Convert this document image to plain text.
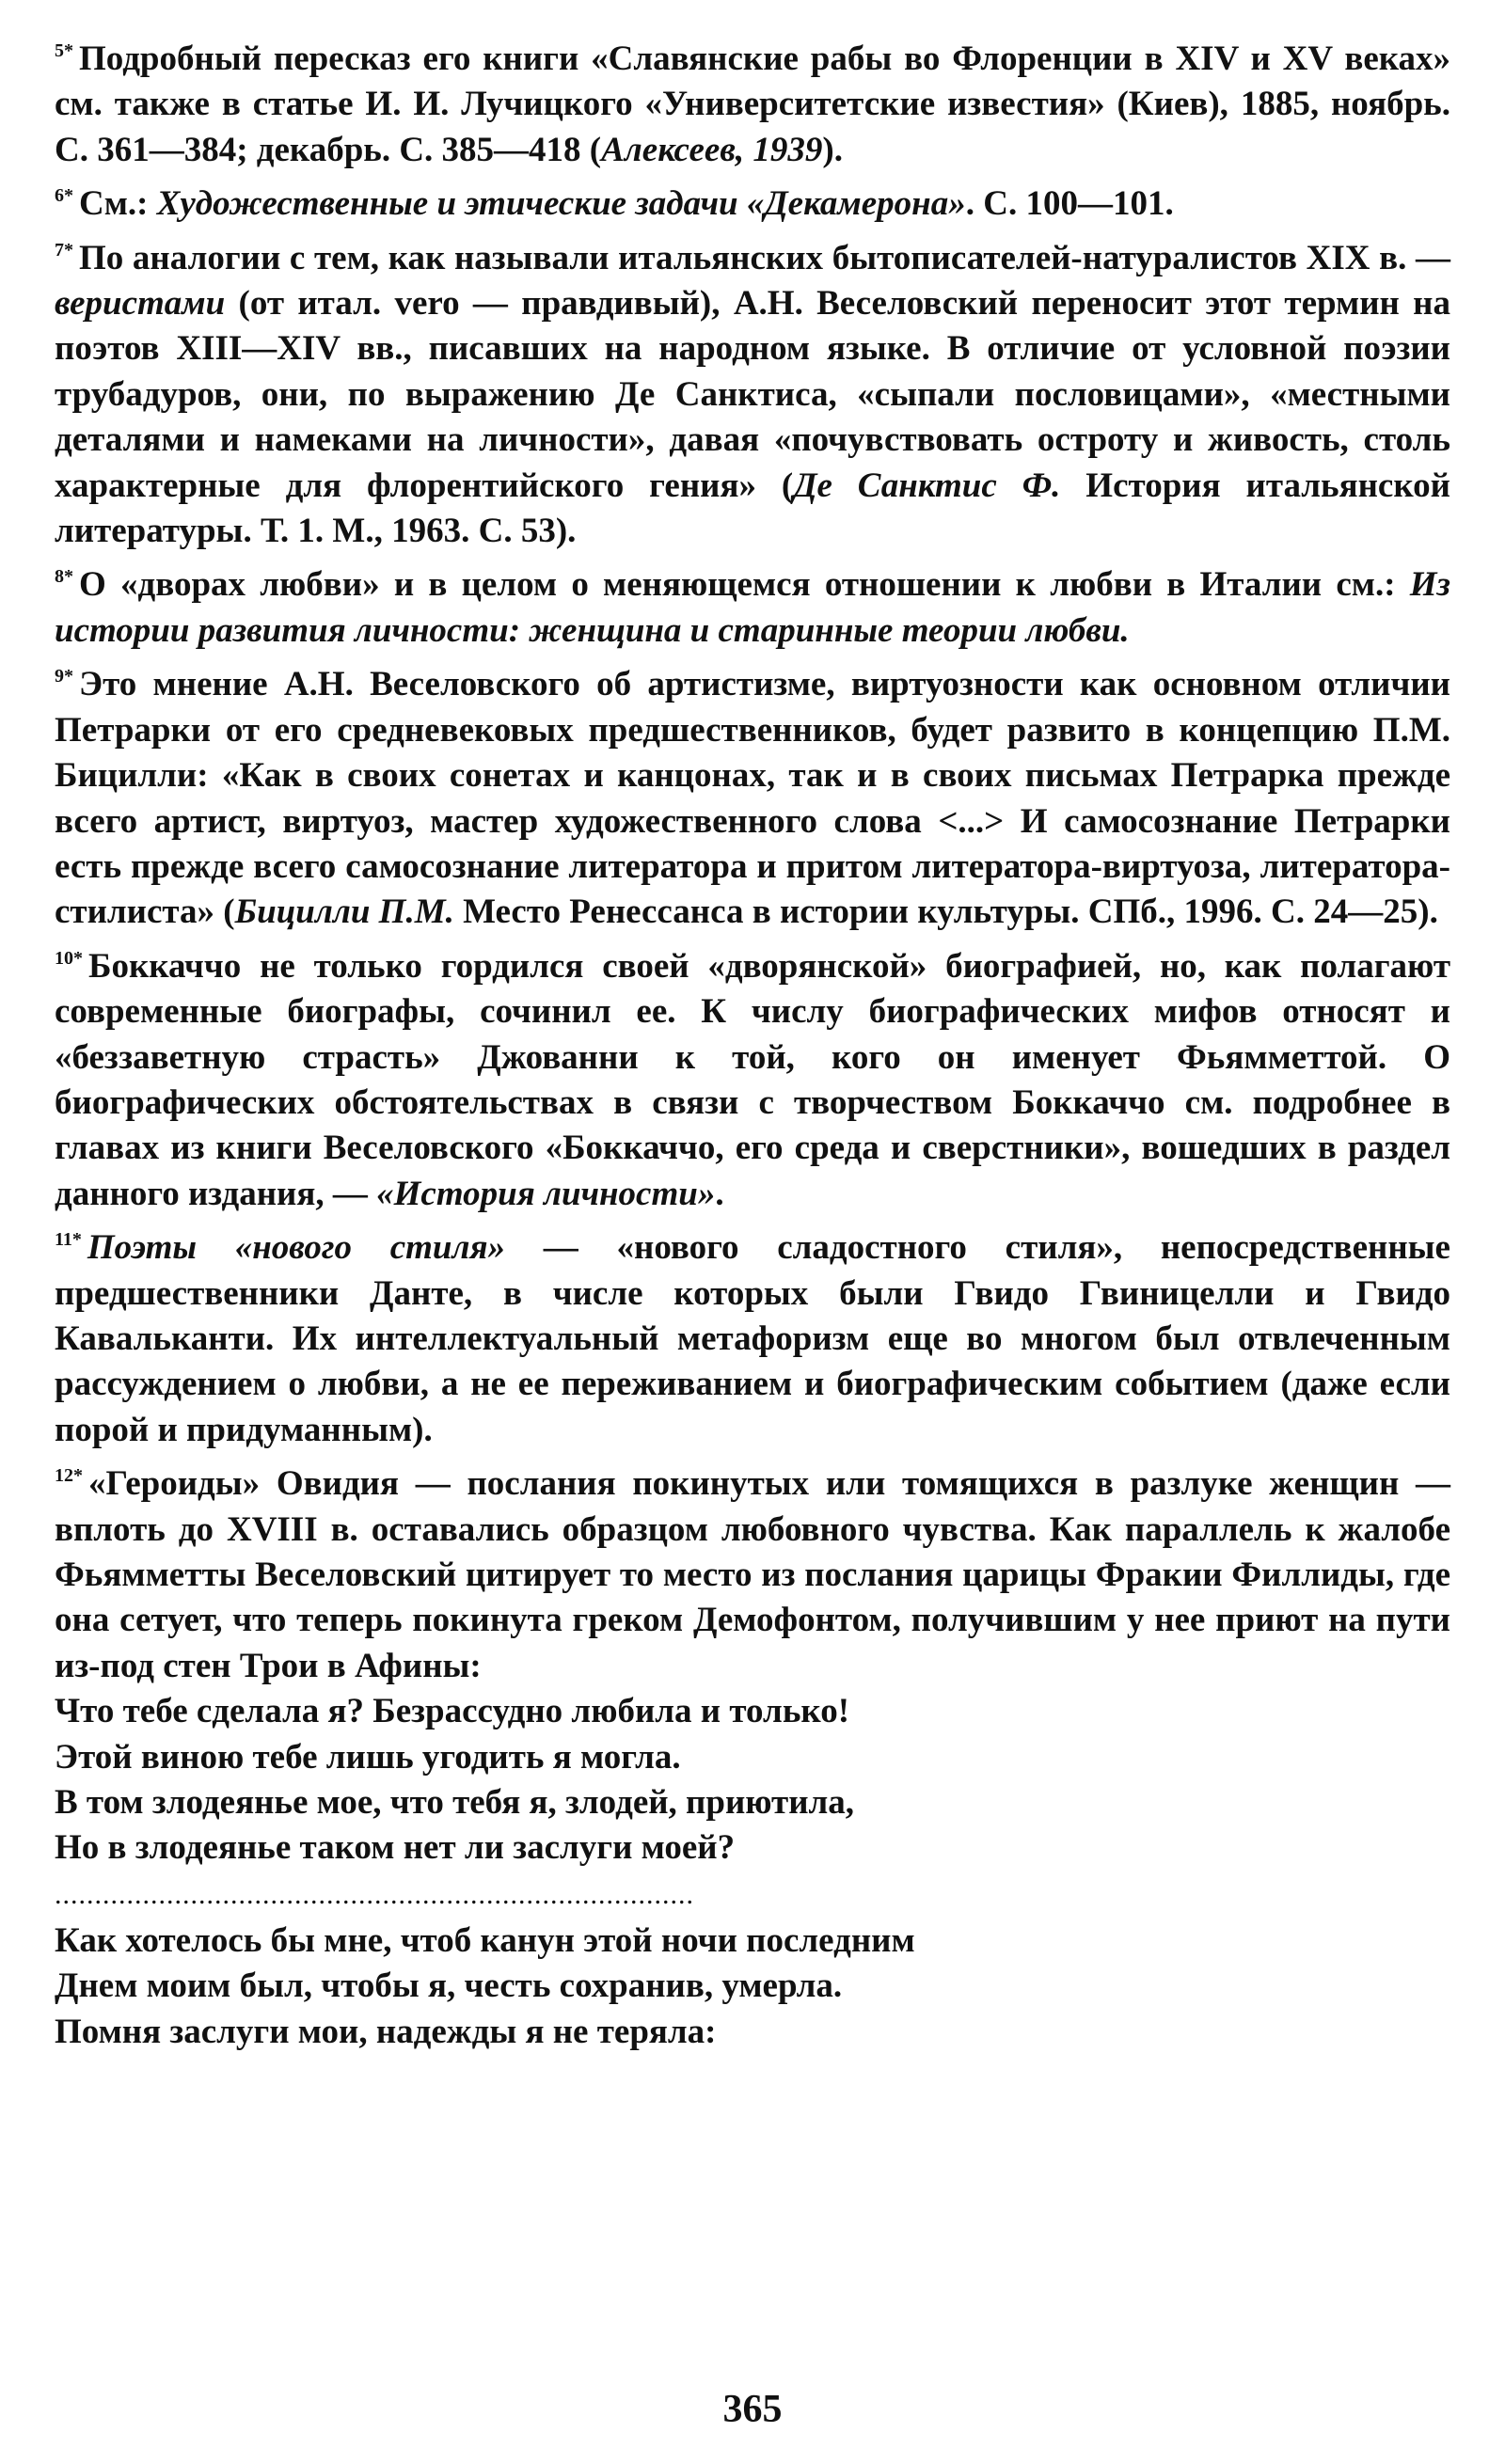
$^{5*}$ Подробный пересказ его книги «Славянские рабы во Флоренции в XIV и XV веках» см. также в статье И. И. Лучицкого «Университетские известия» (Киев), 1885, ноябрь. С. 361—384; декабрь. С. 385—418 (Алексеев, 1939).

$^{6*}$ См.: Художественные и этические задачи «Декамерона». С. 100—101.

$^{7*}$ По аналогии с тем, как называли итальянских бытописателей-натуралистов XIX в. — веристами (от итал. vero — правдивый), А.Н. Веселовский переносит этот термин на поэтов XIII—XIV вв., писавших на народном языке. В отличие от условной поэзии трубадуров, они, по выражению Де Санктиса, «сыпали пословицами», «местными деталями и намеками на личности», давая «почувствовать остроту и живость, столь характерные для флорентийского гения» (Де Санктис Ф. История итальянской литературы. Т. 1. М., 1963. С. 53).

$^{8*}$ О «дворах любви» и в целом о меняющемся отношении к любви в Италии см.: Из истории развития личности: женщина и старинные теории любви.

$^{9*}$ Это мнение А.Н. Веселовского об артистизме, виртуозности как основном отличии Петрарки от его средневековых предшественников, будет развито в концепцию П.М. Бицилли: «Как в своих сонетах и канцонах, так и в своих письмах Петрарка прежде всего артист, виртуоз, мастер художественного слова <...> И самосознание Петрарки есть прежде всего самосознание литератора и притом литератора-виртуоза, литератора-стилиста» (Бицилли П.М. Место Ренессанса в истории культуры. СПб., 1996. С. 24—25).

$^{10*}$ Боккаччо не только гордился своей «дворянской» биографией, но, как полагают современные биографы, сочинил ее. К числу биографических мифов относят и «беззаветную страсть» Джованни к той, кого он именует Фьямметтой. О биографических обстоятельствах в связи с творчеством Боккаччо см. подробнее в главах из книги Веселовского «Боккаччо, его среда и сверстники», вошедших в раздел данного издания, — «История личности».

$^{11*}$ Поэты «нового стиля» — «нового сладостного стиля», непосредственные предшественники Данте, в числе которых были Гвидо Гвиницелли и Гвидо Кавальканти. Их интеллектуальный метафоризм еще во многом был отвлеченным рассуждением о любви, а не ее переживанием и биографическим событием (даже если порой и придуманным).

$^{12*}$ «Героиды» Овидия — послания покинутых или томящихся в разлуке женщин — вплоть до XVIII в. оставались образцом любовного чувства. Как параллель к жалобе Фьямметты Веселовский цитирует то место из послания царицы Фракии Филлиды, где она сетует, что теперь покинута греком Демофонтом, получившим у нее приют на пути из-под стен Трои в Афины:

Что тебе сделала я? Безрассудно любила и только!

Этой виною тебе лишь угодить я могла.

В том злодеянье мое, что тебя я, злодей, приютила,

Но в злодеянье таком нет ли заслуги моей?

................................................................................

Как хотелось бы мне, чтоб канун этой ночи последним

Днем моим был, чтобы я, честь сохранив, умерла.

Помня заслуги мои, надежды я не теряла:

365
